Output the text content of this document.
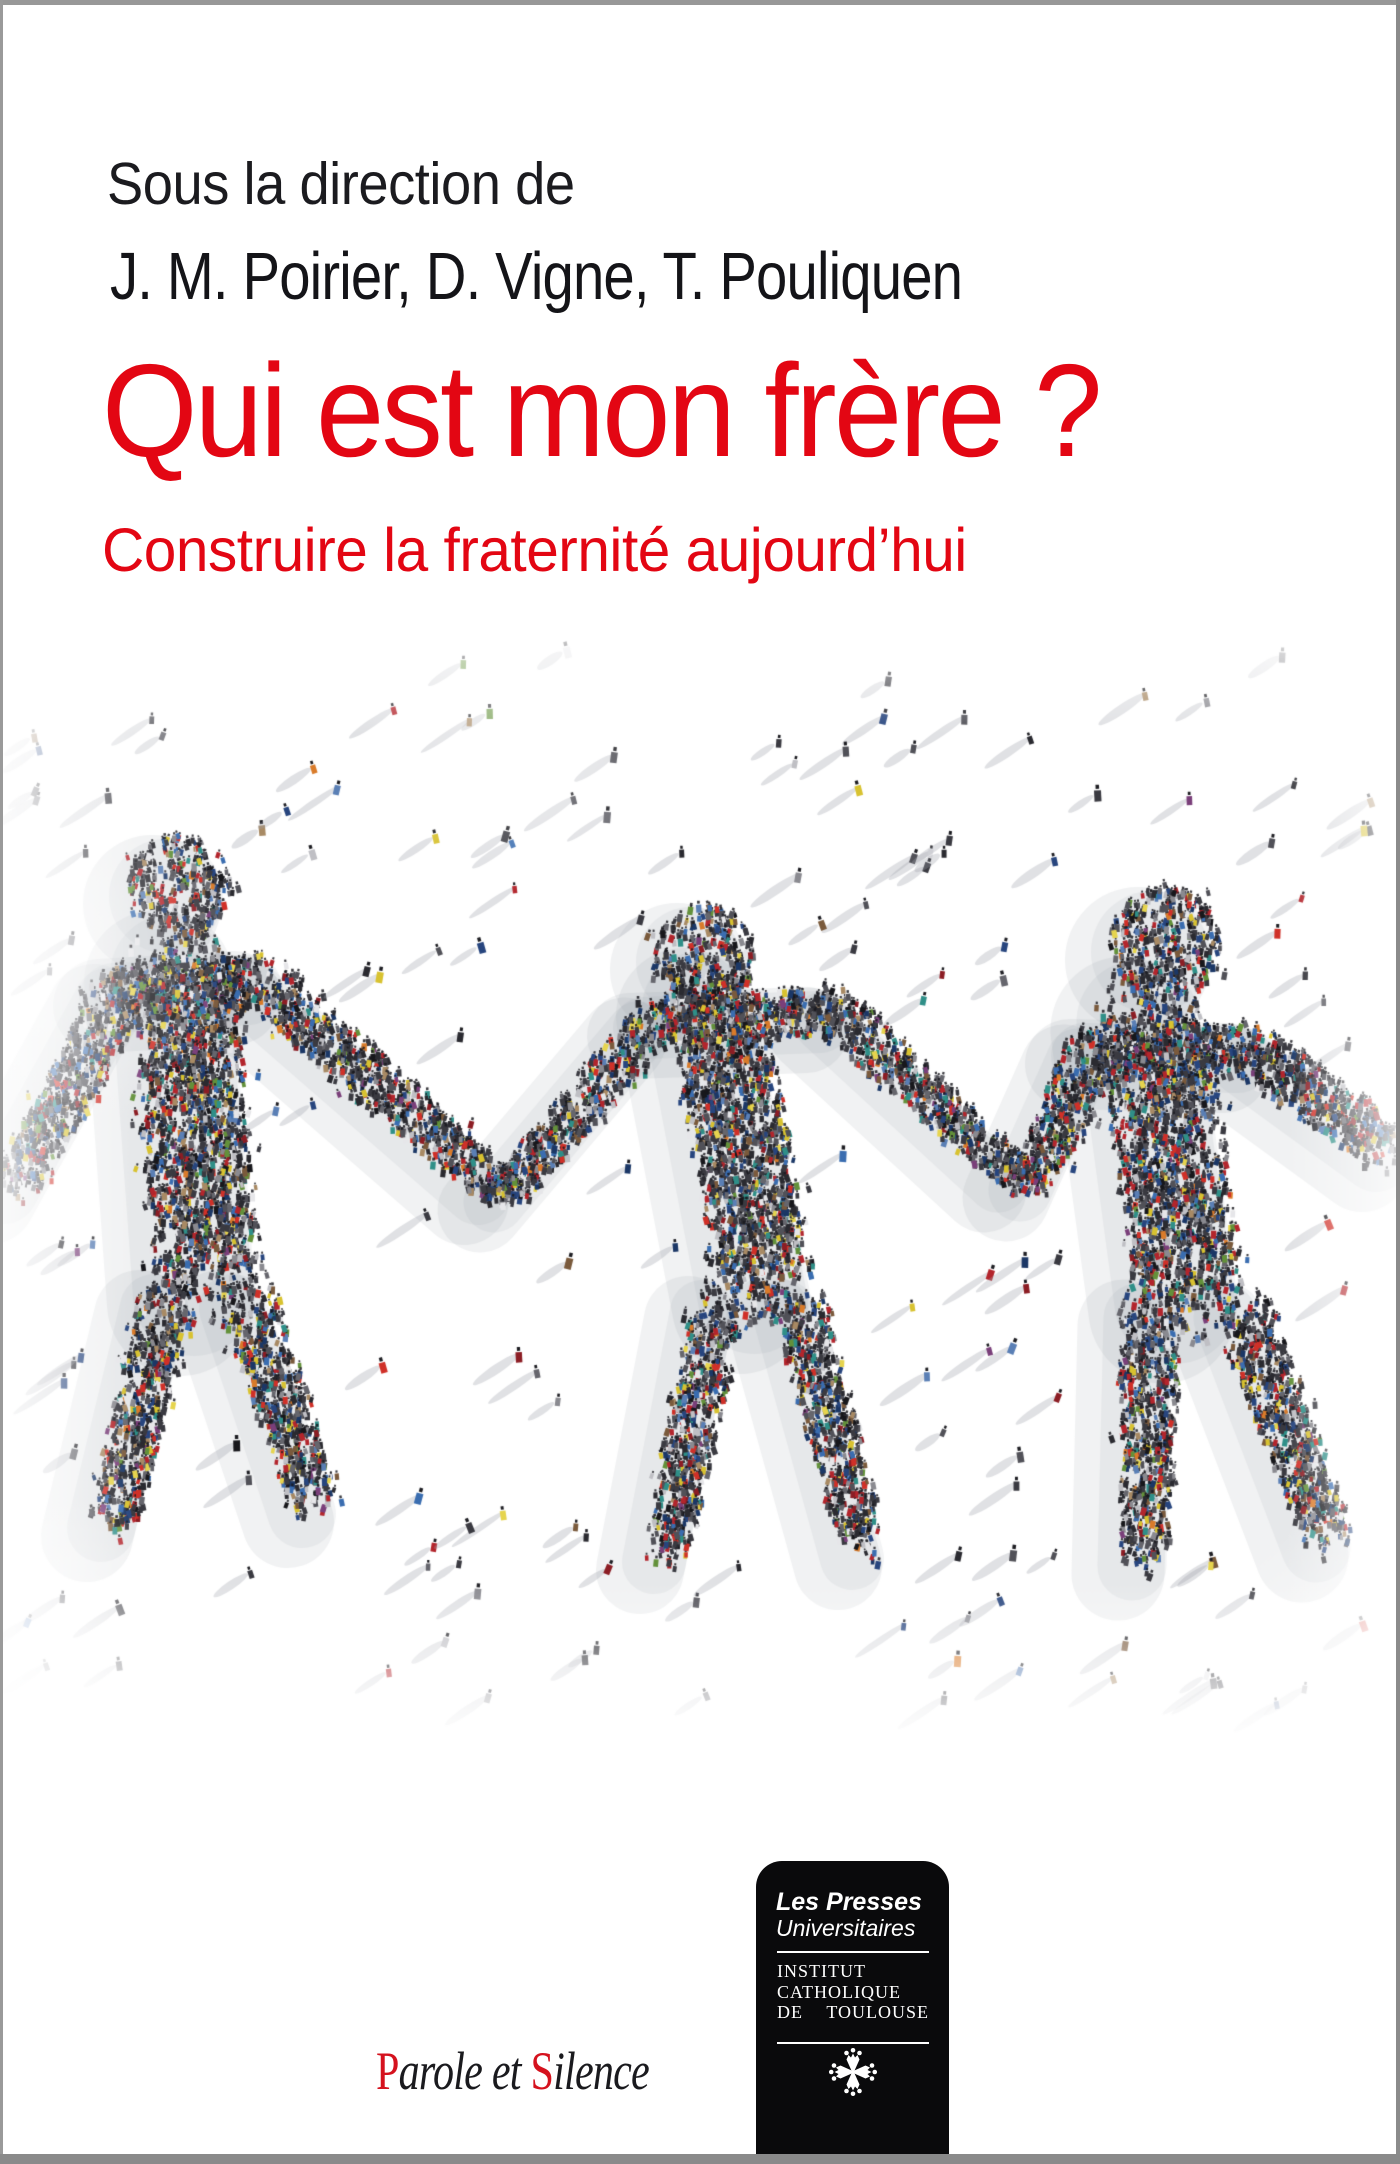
Sous la direction de
J. M. Poirier, D. Vigne, T. Pouliquen
Qui est mon frère ?
Construire la fraternité aujourd’hui
Les Presses
Universitaires
INSTITUT
CATHOLIQUE
DE TOULOUSE
Parole et Silence
